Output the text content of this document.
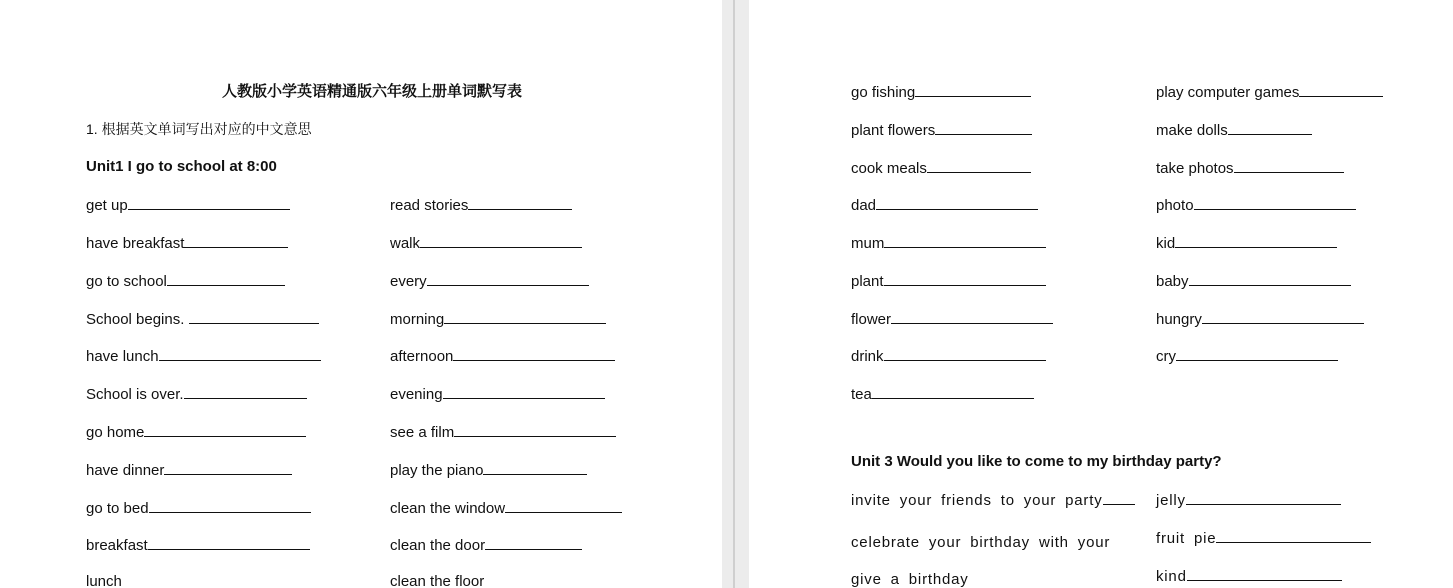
人教版小学英语精通版六年级上册单词默写表
1. 根据英文单词写出对应的中文意思
Unit1 I go to school at 8:00
get up
have breakfast
go to school
School begins.
have lunch
School is over.
go home
have dinner
go to bed
breakfast
lunch
read stories
walk
every
morning
afternoon
evening
see a film
play the piano
clean the window
clean the door
clean the floor
go fishing
plant flowers
cook meals
dad
mum
plant
flower
drink
tea
play computer games
make dolls
take photos
photo
kid
baby
hungry
cry
Unit 3 Would you like to come to my birthday party?
invite your friends to your party
celebrate your birthday with your
give a birthday
jelly
fruit pie
kind
